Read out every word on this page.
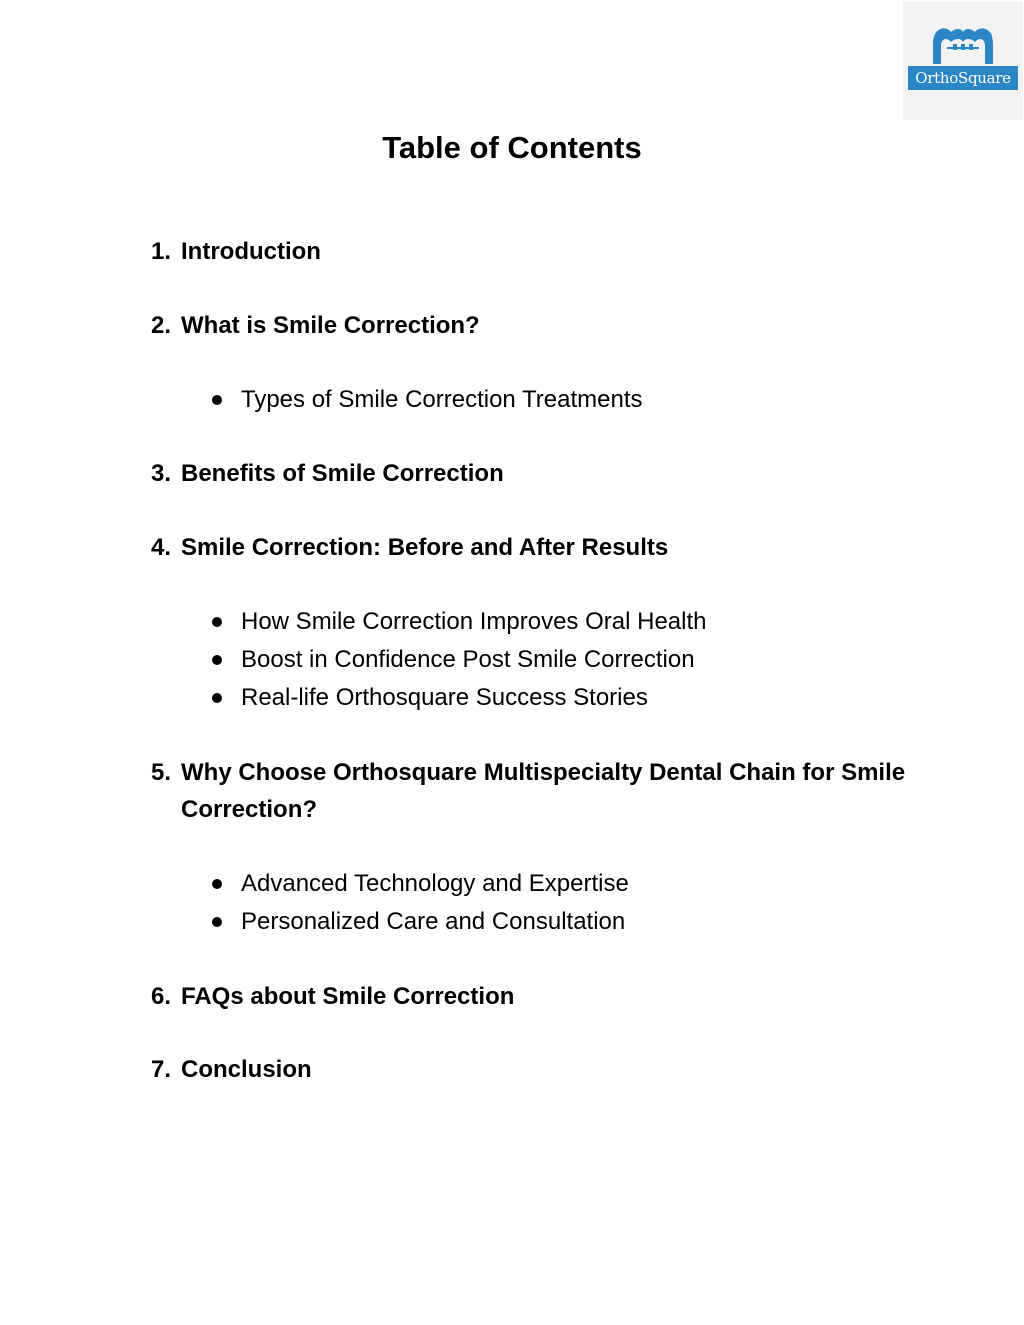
®
OrthoSquare
Table of Contents
1. Introduction
2. What is Smile Correction?
Types of Smile Correction Treatments
3. Benefits of Smile Correction
4. Smile Correction: Before and After Results
How Smile Correction Improves Oral Health
Boost in Confidence Post Smile Correction
Real-life Orthosquare Success Stories
5. Why Choose Orthosquare Multispecialty Dental Chain for Smile Correction?
Advanced Technology and Expertise
Personalized Care and Consultation
6. FAQs about Smile Correction
7. Conclusion
